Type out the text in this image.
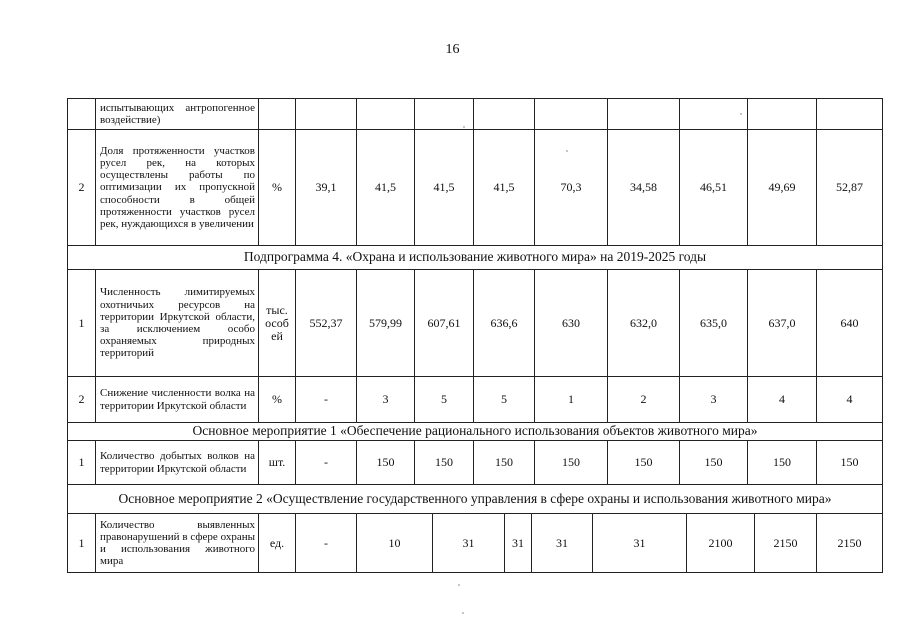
16
	испытывающих антропогенное воздействие)										
2	Доля протяженности участков русел рек, на которых осуществлены работы по оптимизации их пропускной способности в общей протяженности участков русел рек, нуждающихся в увеличении	%	39,1	41,5	41,5	41,5	70,3	34,58	46,51	49,69	52,87
Подпрограмма 4. «Охрана и использование животного мира» на 2019-2025 годы											
1	Численность лимитируемых охотничьих ресурсов на территории Иркутской области, за исключением особо охраняемых природных территорий	тыс. особ ей	552,37	579,99	607,61	636,6	630	632,0	635,0	637,0	640
2	Снижение численности волка на территории Иркутской области	%	-	3	5	5	1	2	3	4	4
Основное мероприятие 1 «Обеспечение рационального использования объектов животного мира»											
1	Количество добытых волков на территории Иркутской области	шт.	-	150	150	150	150	150	150	150	150
Основное мероприятие 2 «Осуществление государственного управления в сфере охраны и использования животного мира»											
1	Количество выявленных правонарушений в сфере охраны и использования животного мира	ед.	-	10	31	31	31	31	2100	2150	2150
